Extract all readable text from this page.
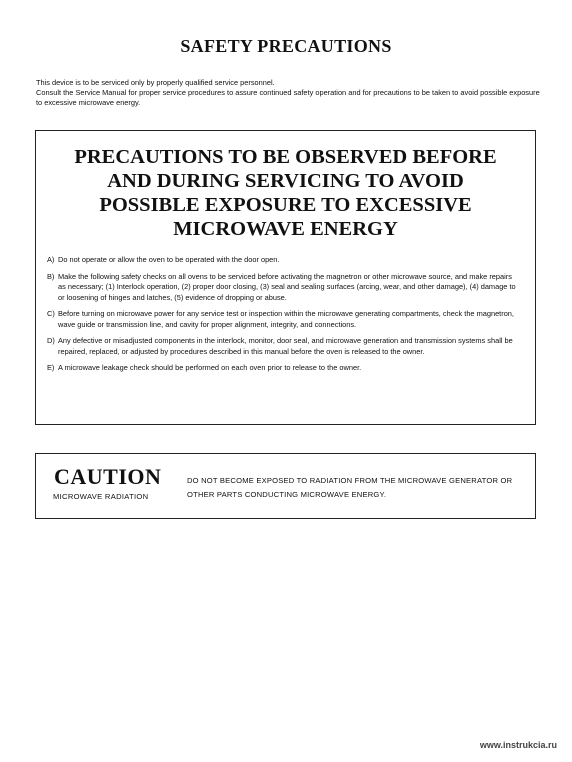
SAFETY PRECAUTIONS

This device is to be serviced only by properly qualified service personnel.

Consult the Service Manual for proper service procedures to assure continued safety operation and for precautions to be taken to avoid possible exposure to excessive microwave energy.

PRECAUTIONS TO BE OBSERVED BEFORE AND DURING SERVICING TO AVOID POSSIBLE EXPOSURE TO EXCESSIVE MICROWAVE ENERGY
A) Do not operate or allow the oven to be operated with the door open.
B) Make the following safety checks on all ovens to be serviced before activating the magnetron or other microwave source, and make repairs as necessary; (1) Interlock operation, (2) proper door closing, (3) seal and sealing surfaces (arcing, wear, and other damage), (4) damage to or loosening of hinges and latches, (5) evidence of dropping or abuse.
C) Before turning on microwave power for any service test or inspection within the microwave generating compartments, check the magnetron, wave guide or transmission line, and cavity for proper alignment, integrity, and connections.
D) Any defective or misadjusted components in the interlock, monitor, door seal, and microwave generation and transmission systems shall be repaired, replaced, or adjusted by procedures described in this manual before the oven is released to the owner.
E) A microwave leakage check should be performed on each oven prior to release to the owner.
CAUTION
MICROWAVE RADIATION
DO NOT BECOME EXPOSED TO RADIATION FROM THE MICROWAVE GENERATOR OR OTHER PARTS CONDUCTING MICROWAVE ENERGY.
www.instrukcia.ru
